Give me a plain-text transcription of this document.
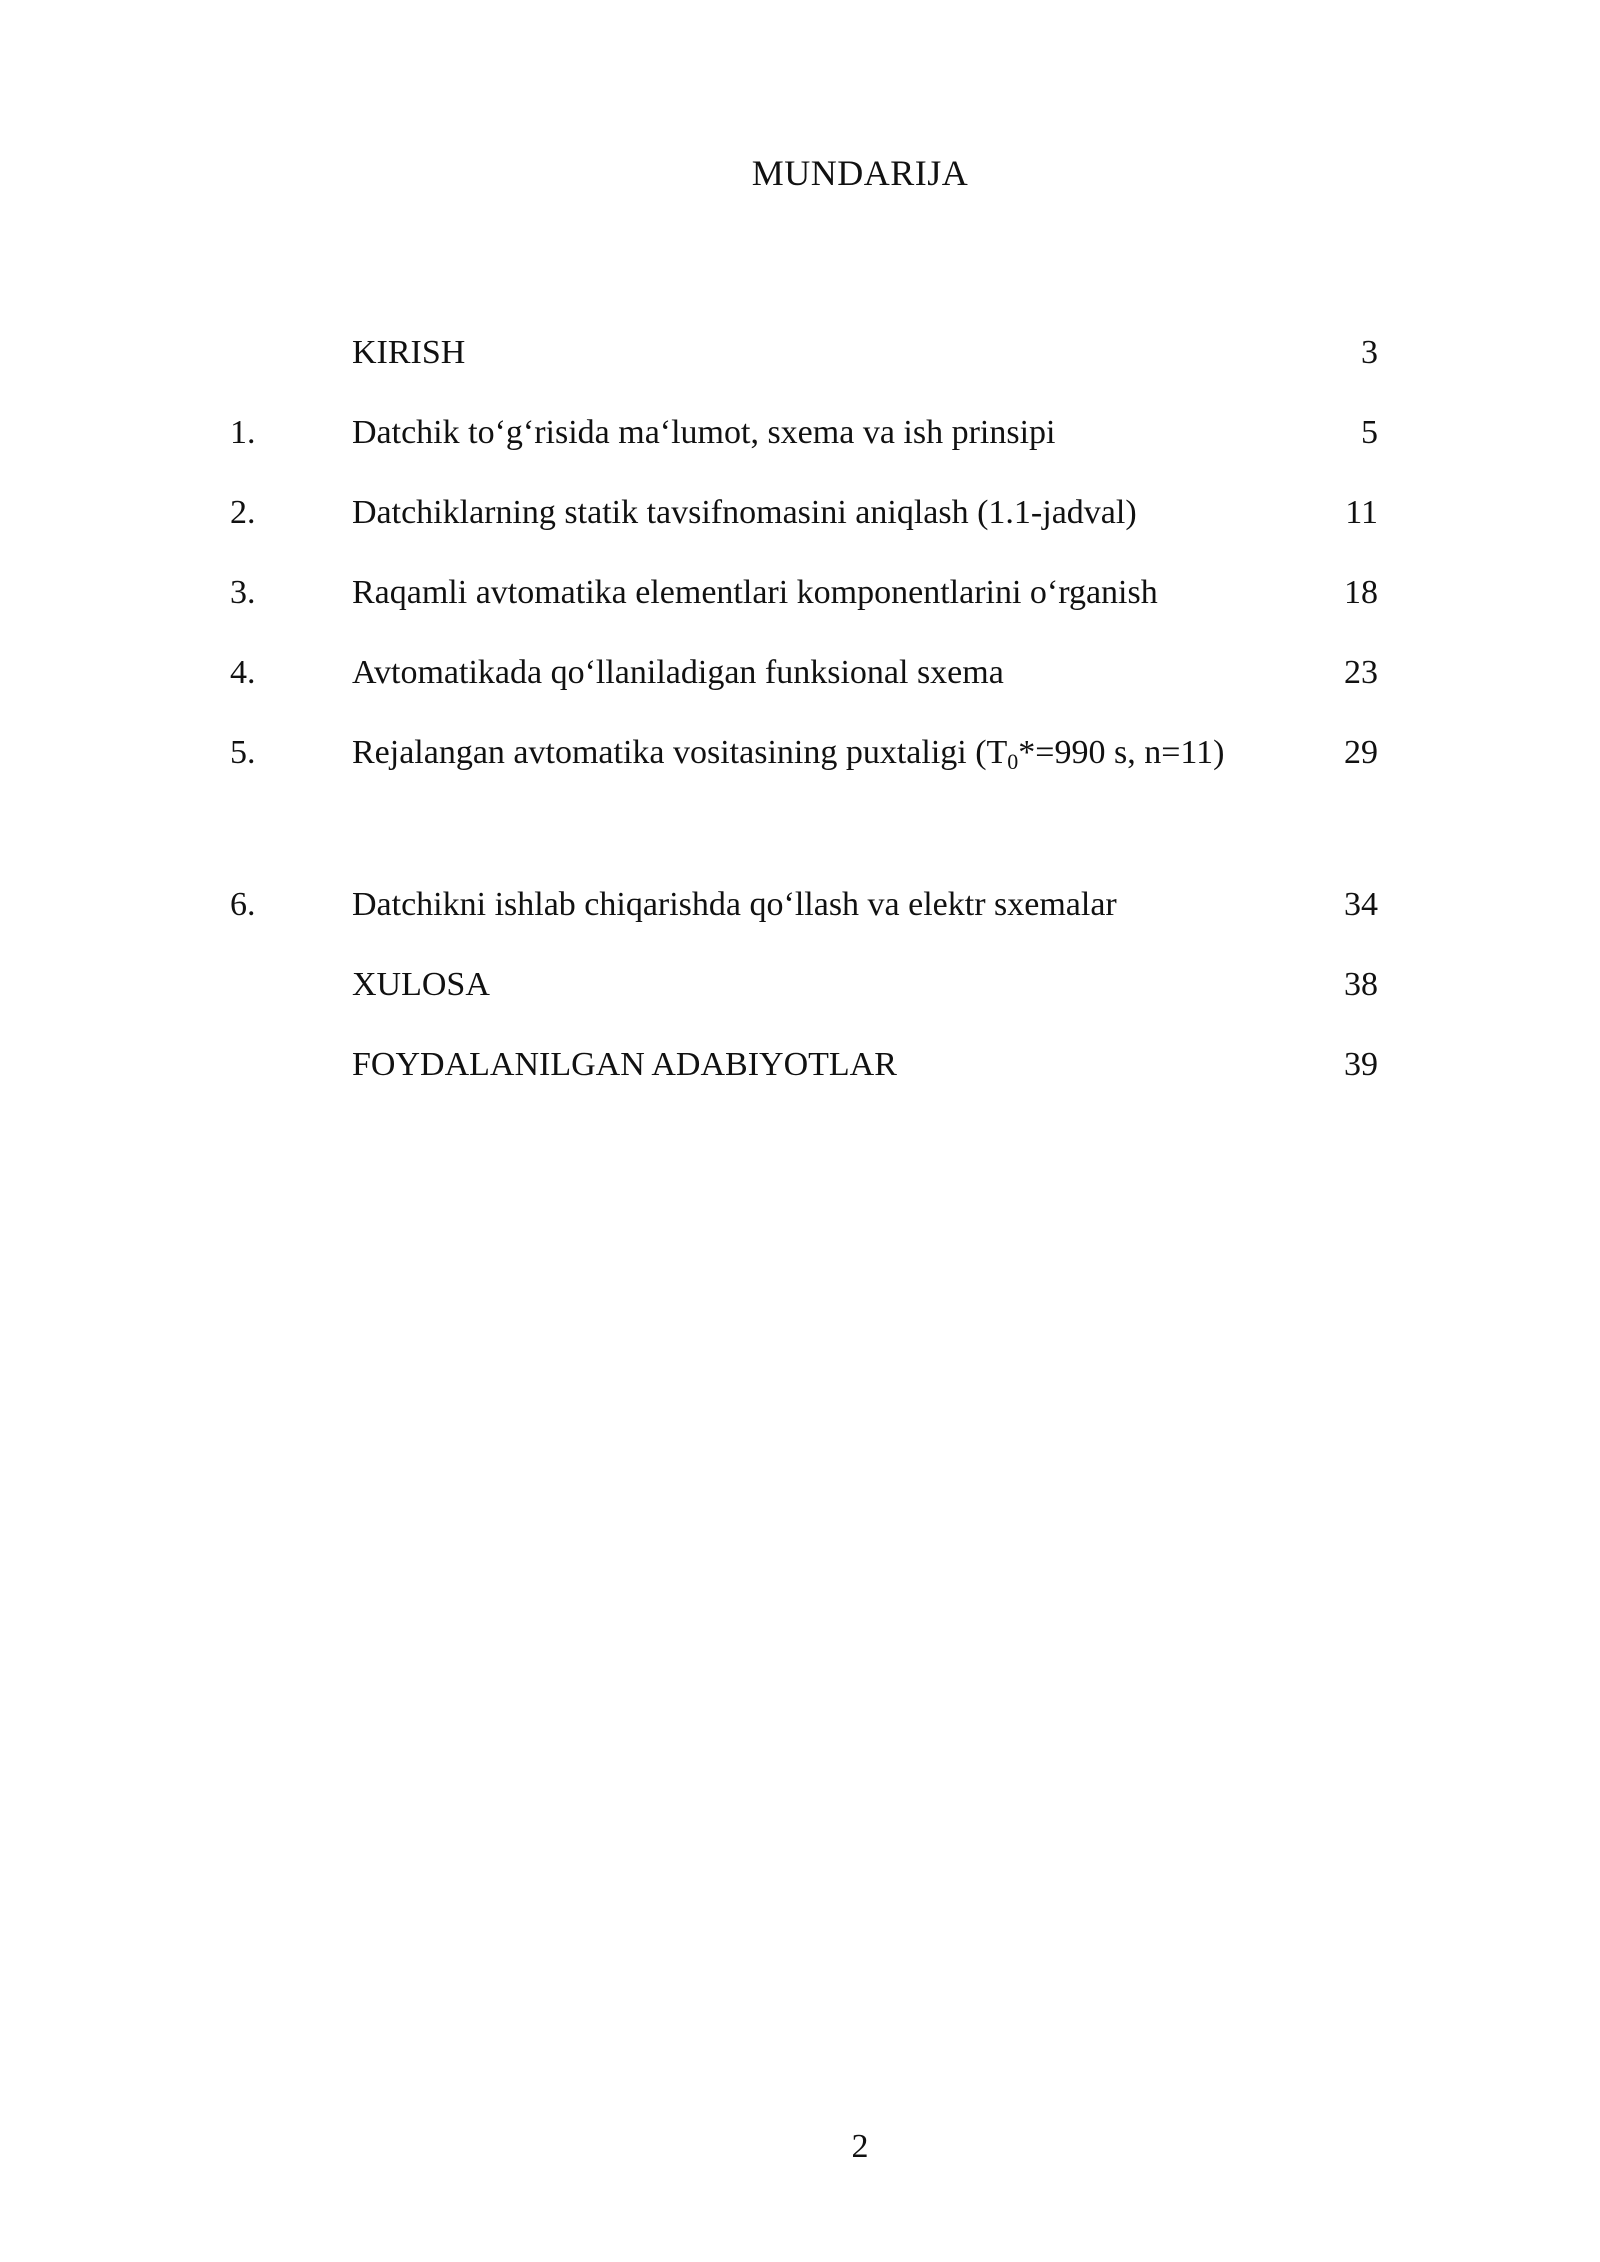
MUNDARIJA
KIRISH	3
1.	Datchik to‘g‘risida ma‘lumot, sxema va ish prinsipi	5
2.	Datchiklarning statik tavsifnomasini aniqlash (1.1-jadval)	11
3.	Raqamli avtomatika elementlari komponentlarini o‘rganish	18
4.	Avtomatikada qo‘llaniladigan funksional sxema	23
5.	Rejalangan avtomatika vositasining puxtaligi ($T_0*=990$ s, n=11)	29
6.	Datchikni ishlab chiqarishda qo‘llash va elektr sxemalar	34
XULOSA	38
FOYDALANILGAN ADABIYOTLAR	39
2
